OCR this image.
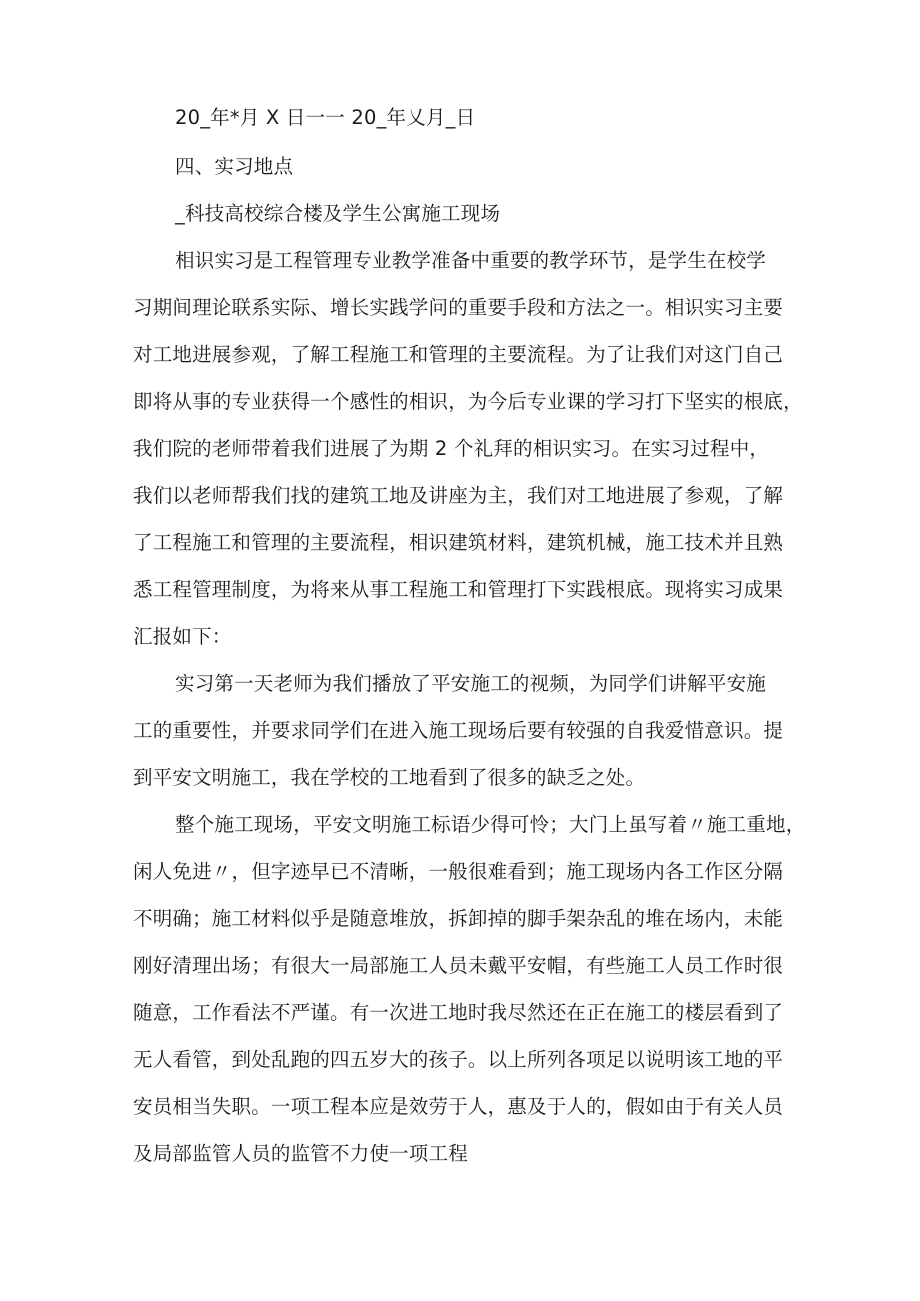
20_年*月 X 日一一 20_年乂月_日
四、实习地点
_科技高校综合楼及学生公寓施工现场
相识实习是工程管理专业教学准备中重要的教学环节，是学生在校学
习期间理论联系实际、增长实践学问的重要手段和方法之一。相识实习主要
对工地进展参观，了解工程施工和管理的主要流程。为了让我们对这门自己
即将从事的专业获得一个感性的相识，为今后专业课的学习打下坚实的根底，
我们院的老师带着我们进展了为期 2 个礼拜的相识实习。在实习过程中，
我们以老师帮我们找的建筑工地及讲座为主，我们对工地进展了参观，了解
了工程施工和管理的主要流程，相识建筑材料，建筑机械，施工技术并且熟
悉工程管理制度，为将来从事工程施工和管理打下实践根底。现将实习成果
汇报如下：
实习第一天老师为我们播放了平安施工的视频，为同学们讲解平安施
工的重要性，并要求同学们在进入施工现场后要有较强的自我爱惜意识。提
到平安文明施工，我在学校的工地看到了很多的缺乏之处。
整个施工现场，平安文明施工标语少得可怜；大门上虽写着〃施工重地，
闲人免进〃，但字迹早已不清晰，一般很难看到；施工现场内各工作区分隔
不明确；施工材料似乎是随意堆放，拆卸掉的脚手架杂乱的堆在场内，未能
刚好清理出场；有很大一局部施工人员未戴平安帽，有些施工人员工作时很
随意，工作看法不严谨。有一次进工地时我尽然还在正在施工的楼层看到了
无人看管，到处乱跑的四五岁大的孩子。以上所列各项足以说明该工地的平
安员相当失职。一项工程本应是效劳于人，惠及于人的，假如由于有关人员
及局部监管人员的监管不力使一项工程
